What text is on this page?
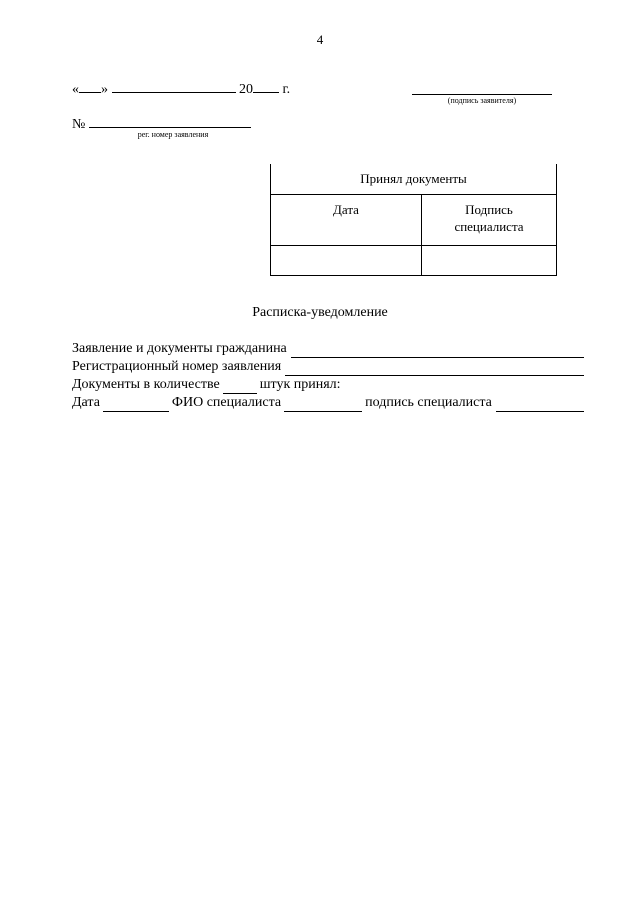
4
« »	20 г.
(подпись заявителя)
№
рег. номер заявления
Принял документы	
Дата	Подпись
специалиста

Расписка-уведомление
Заявление и документы гражданина
Регистрационный номер заявления
Документы в количестве	штук принял:
Дата	ФИО специалиста	подпись специалиста
